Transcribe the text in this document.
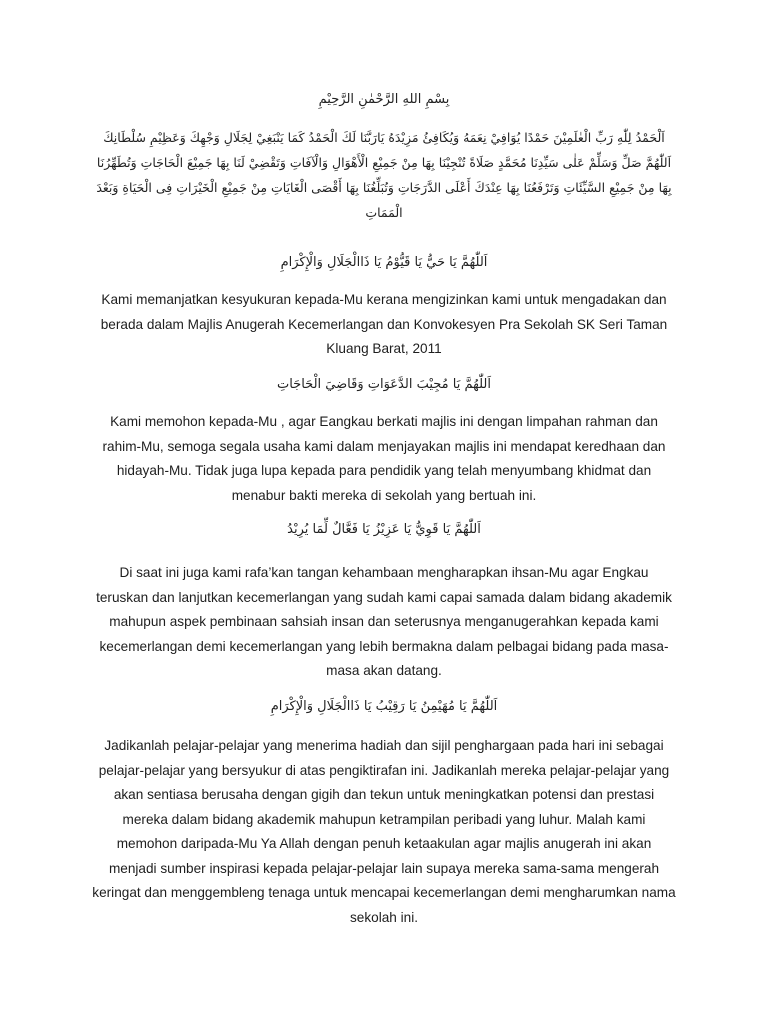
بِسْمِ اللهِ الرَّحْمٰنِ الرَّحِيْمِ
اَلْحَمْدُ لِلّٰهِ رَبِّ الْعٰلَمِيْنَ حَمْدًا يُوَافِيْ نِعَمَهُ وَيُكَافِئُ مَزِيْدَهُ يَارَبَّنَا لَكَ الْحَمْدُ كَمَا يَنْبَغِيْ لِجَلَالِ وَجْهِكَ وَعَظِيْمِ سُلْطَانِكَ اَللّٰهُمَّ صَلِّ وَسَلِّمْ عَلٰى سَيِّدِنَا مُحَمَّدٍ صَلَاةً تُنْجِيْنَا بِهَا مِنْ جَمِيْعِ الْأَهْوَالِ وَالْآفَاتِ وَتَقْضِيْ لَنَا بِهَا جَمِيْعَ الْحَاجَاتِ وَتُطَهِّرُنَا بِهَا مِنْ جَمِيْعِ السَّيِّئَاتِ وَتَرْفَعُنَا بِهَا عِنْدَكَ أَعْلَى الدَّرَجَاتِ وَتُبَلِّغُنَا بِهَا أَقْصَى الْغَايَاتِ مِنْ جَمِيْعِ الْخَيْرَاتِ فِى الْحَيَاةِ وَبَعْدَ الْمَمَاتِ
اَللّٰهُمَّ يَا حَيُّ يَا قَيُّوْمُ يَا ذَاالْجَلَالِ وَالْإِكْرَامِ
Kami memanjatkan kesyukuran kepada-Mu kerana mengizinkan kami untuk mengadakan dan berada dalam Majlis Anugerah Kecemerlangan dan Konvokesyen Pra Sekolah SK Seri Taman Kluang Barat, 2011
اَللّٰهُمَّ يَا مُجِيْبَ الدَّعَوَاتِ وَقَاضِيَ الْحَاجَاتِ
Kami memohon kepada-Mu , agar Eangkau berkati majlis ini dengan limpahan rahman dan rahim-Mu, semoga segala usaha kami dalam menjayakan majlis ini mendapat keredhaan dan hidayah-Mu. Tidak juga lupa kepada para pendidik yang telah menyumbang khidmat dan menabur bakti mereka di sekolah yang bertuah ini.
اَللّٰهُمَّ يَا قَوِيُّ يَا عَزِيْزُ يَا فَعَّالٌ لِّمَا يُرِيْدُ
Di saat ini juga kami rafa’kan tangan kehambaan mengharapkan ihsan-Mu agar Engkau teruskan dan lanjutkan kecemerlangan yang sudah kami capai samada dalam bidang akademik mahupun aspek pembinaan sahsiah insan dan seterusnya menganugerahkan kepada kami kecemerlangan demi kecemerlangan yang lebih bermakna dalam pelbagai bidang pada masa-masa akan datang.
اَللّٰهُمَّ يَا مُهَيْمِنُ يَا رَقِيْبُ يَا ذَاالْجَلَالِ وَالْإِكْرَامِ
Jadikanlah pelajar-pelajar yang menerima hadiah dan sijil penghargaan pada hari ini sebagai pelajar-pelajar yang bersyukur di atas pengiktirafan ini. Jadikanlah mereka pelajar-pelajar yang akan sentiasa berusaha dengan gigih dan tekun untuk meningkatkan potensi dan prestasi mereka dalam bidang akademik mahupun ketrampilan peribadi yang luhur. Malah kami memohon daripada-Mu Ya Allah dengan penuh ketaakulan agar majlis anugerah ini akan menjadi sumber inspirasi kepada pelajar-pelajar lain supaya mereka sama-sama mengerah keringat dan menggembleng tenaga untuk mencapai kecemerlangan demi mengharumkan nama sekolah ini.
